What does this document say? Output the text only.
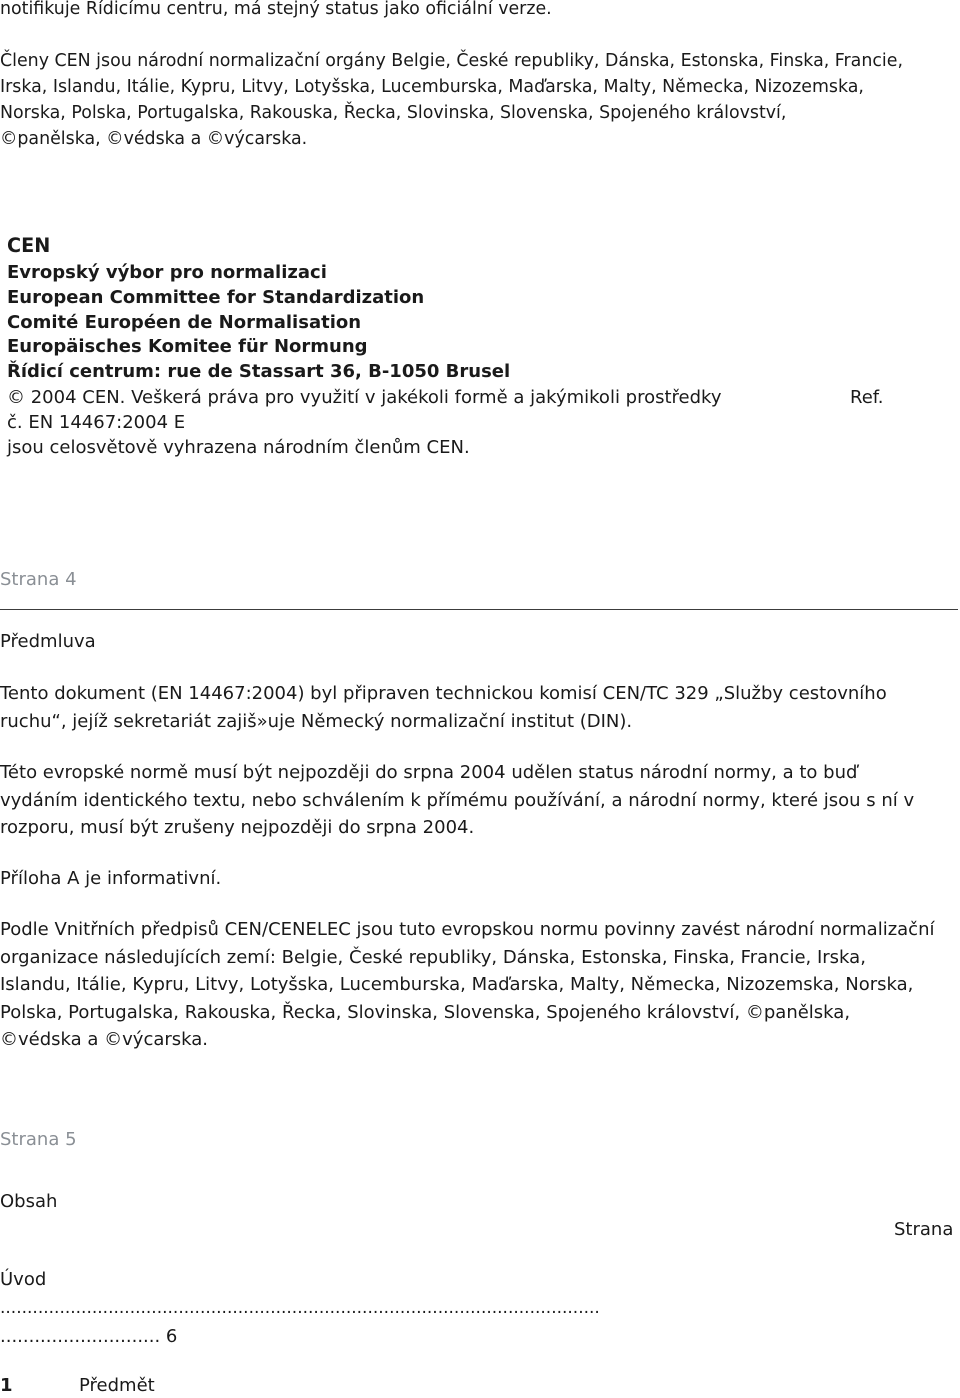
notifikuje Řídicímu centru, má stejný status jako oficiální verze.
Členy CEN jsou národní normalizační orgány Belgie, České republiky, Dánska, Estonska, Finska, Francie,
Irska, Islandu, Itálie, Kypru, Litvy, Lotyšska, Lucemburska, Maďarska, Malty, Německa, Nizozemska,
Norska, Polska, Portugalska, Rakouska, Řecka, Slovinska, Slovenska, Spojeného království,
©panělska, ©védska a ©výcarska.
CEN
Evropský výbor pro normalizaci
European Committee for Standardization
Comité Européen de Normalisation
Europäisches Komitee für Normung
Řídicí centrum: rue de Stassart 36, B-1050 Brusel
© 2004 CEN. Veškerá práva pro využití v jakékoli formě a jakýmikoli prostředky	Ref.
č. EN 14467:2004 E
jsou celosvětově vyhrazena národním členům CEN.
Strana 4
Předmluva
Tento dokument (EN 14467:2004) byl připraven technickou komisí CEN/TC 329 „Služby cestovního
ruchu“, jejíž sekretariát zajiš»uje Německý normalizační institut (DIN).
Této evropské normě musí být nejpozději do srpna 2004 udělen status národní normy, a to buď
vydáním identického textu, nebo schválením k přímému používání, a národní normy, které jsou s ní v
rozporu, musí být zrušeny nejpozději do srpna 2004.
Příloha A je informativní.
Podle Vnitřních předpisů CEN/CENELEC jsou tuto evropskou normu povinny zavést národní normalizační
organizace následujících zemí: Belgie, České republiky, Dánska, Estonska, Finska, Francie, Irska,
Islandu, Itálie, Kypru, Litvy, Lotyšska, Lucemburska, Maďarska, Malty, Německa, Nizozemska, Norska,
Polska, Portugalska, Rakouska, Řecka, Slovinska, Slovenska, Spojeného království, ©panělska,
©védska a ©výcarska.
Strana 5
Obsah
Strana
Úvod
...............................................................................................................
............................ 6
1	Předmět
